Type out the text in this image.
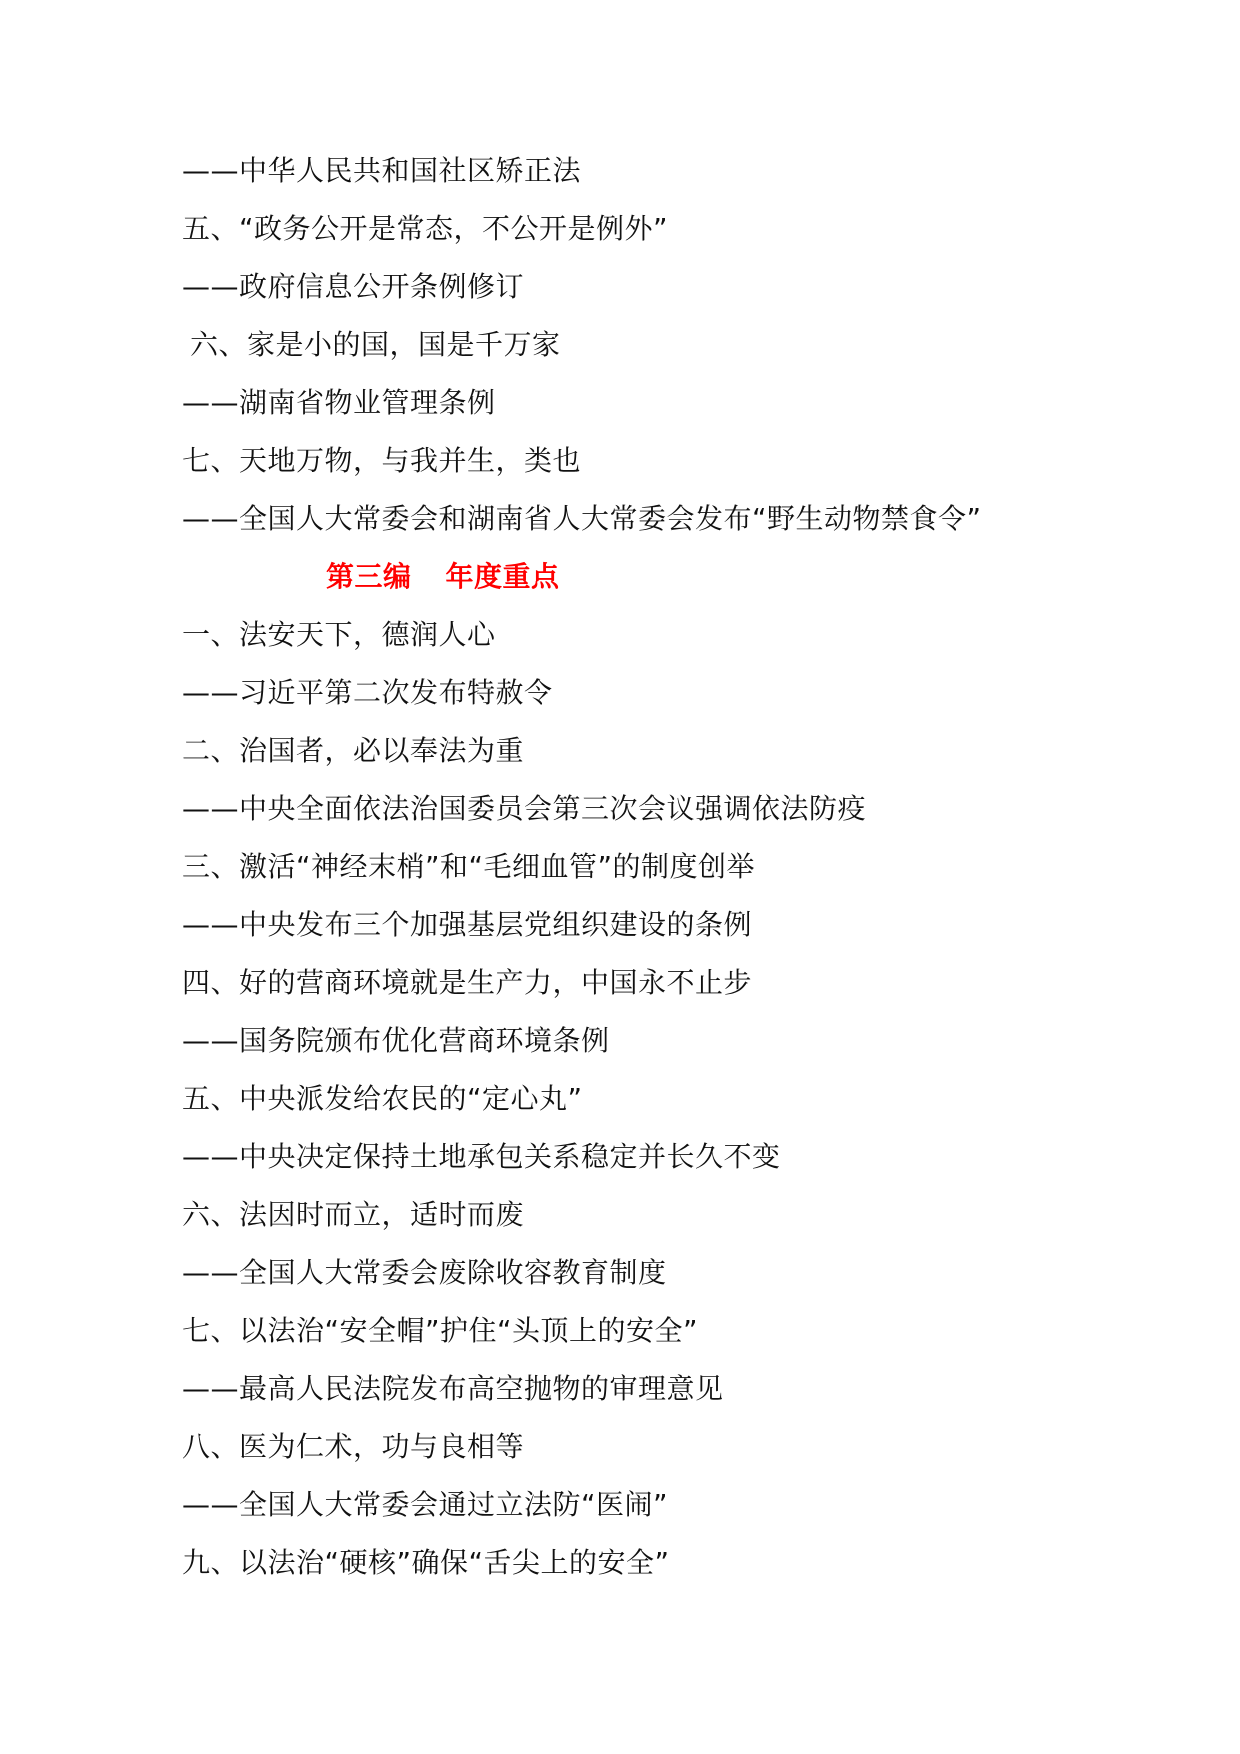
——中华人民共和国社区矫正法
五、“政务公开是常态，不公开是例外”
——政府信息公开条例修订
六、家是小的国，国是千万家
——湖南省物业管理条例
七、天地万物，与我并生，类也
——全国人大常委会和湖南省人大常委会发布“野生动物禁食令”
第三编 年度重点
一、法安天下，德润人心
——习近平第二次发布特赦令
二、治国者，必以奉法为重
——中央全面依法治国委员会第三次会议强调依法防疫
三、激活“神经末梢”和“毛细血管”的制度创举
——中央发布三个加强基层党组织建设的条例
四、好的营商环境就是生产力，中国永不止步
——国务院颁布优化营商环境条例
五、中央派发给农民的“定心丸”
——中央决定保持土地承包关系稳定并长久不变
六、法因时而立，适时而废
——全国人大常委会废除收容教育制度
七、以法治“安全帽”护住“头顶上的安全”
——最高人民法院发布高空抛物的审理意见
八、医为仁术，功与良相等
——全国人大常委会通过立法防“医闹”
九、以法治“硬核”确保“舌尖上的安全”
